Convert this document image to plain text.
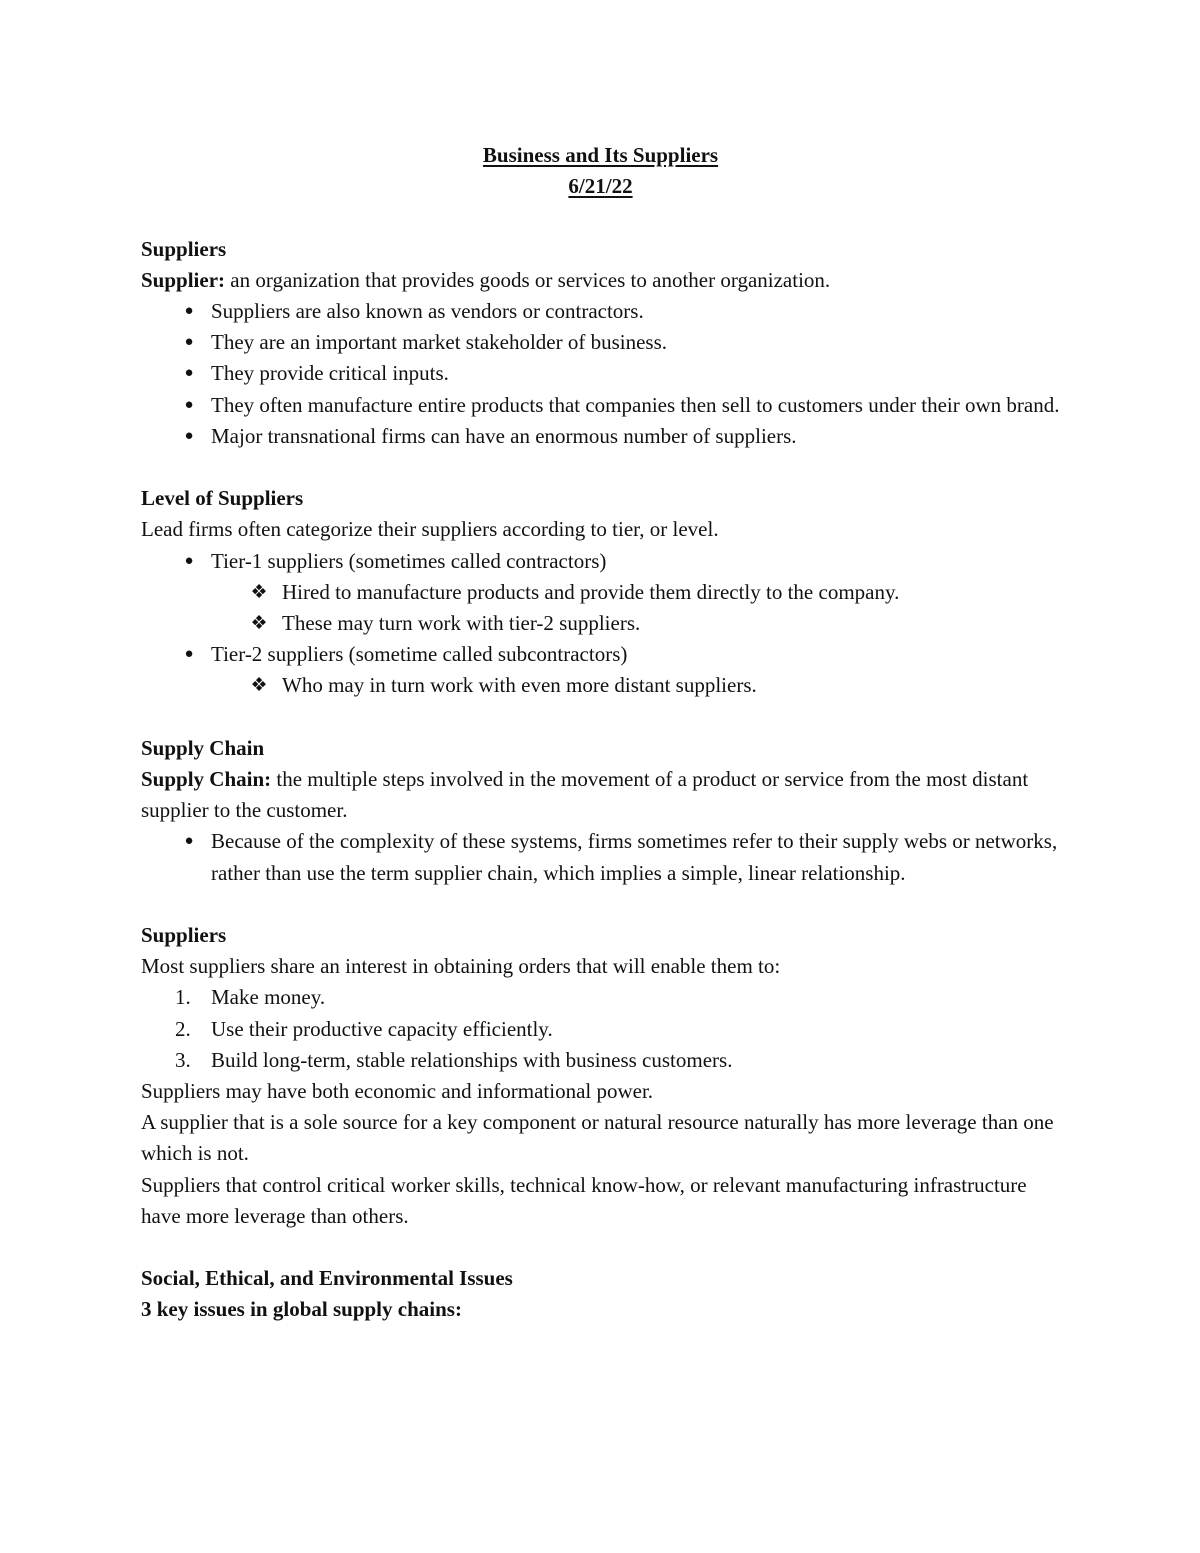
Business and Its Suppliers

6/21/22

Suppliers

Supplier: an organization that provides goods or services to another organization.

● Suppliers are also known as vendors or contractors.
● They are an important market stakeholder of business.
● They provide critical inputs.
● They often manufacture entire products that companies then sell to customers under their own brand.
● Major transnational firms can have an enormous number of suppliers.

Level of Suppliers

Lead firms often categorize their suppliers according to tier, or level.

● Tier-1 suppliers (sometimes called contractors)
❖ Hired to manufacture products and provide them directly to the company.
❖ These may turn work with tier-2 suppliers.
● Tier-2 suppliers (sometime called subcontractors)
❖ Who may in turn work with even more distant suppliers.

Supply Chain

Supply Chain: the multiple steps involved in the movement of a product or service from the most distant supplier to the customer.

● Because of the complexity of these systems, firms sometimes refer to their supply webs or networks, rather than use the term supplier chain, which implies a simple, linear relationship.

Suppliers

Most suppliers share an interest in obtaining orders that will enable them to:

1. Make money.
2. Use their productive capacity efficiently.
3. Build long-term, stable relationships with business customers.

Suppliers may have both economic and informational power.

A supplier that is a sole source for a key component or natural resource naturally has more leverage than one which is not.

Suppliers that control critical worker skills, technical know-how, or relevant manufacturing infrastructure have more leverage than others.

Social, Ethical, and Environmental Issues

3 key issues in global supply chains:
